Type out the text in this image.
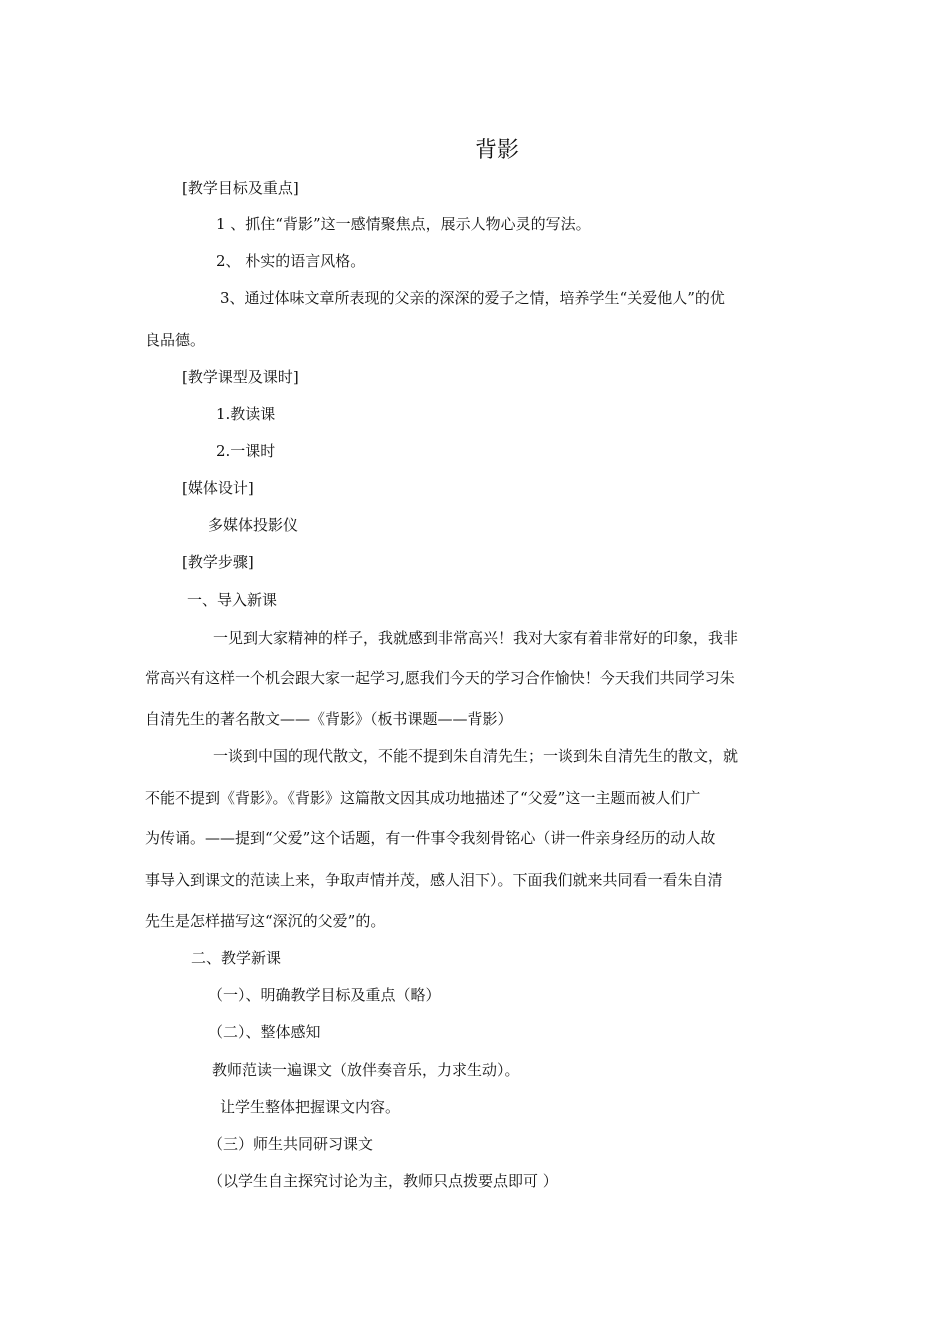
背影
[教学目标及重点]
1 、抓住“背影”这一感情聚焦点，展示人物心灵的写法。
2、 朴实的语言风格。
3、通过体味文章所表现的父亲的深深的爱子之情，培养学生“关爱他人”的优
良品德。
[教学课型及课时]
1.教读课
2.一课时
[媒体设计]
多媒体投影仪
[教学步骤]
一、导入新课
一见到大家精神的样子，我就感到非常高兴！我对大家有着非常好的印象，我非
常高兴有这样一个机会跟大家一起学习,愿我们今天的学习合作愉快！今天我们共同学习朱
自清先生的著名散文——《背影》（板书课题——背影）
一谈到中国的现代散文，不能不提到朱自清先生；一谈到朱自清先生的散文，就
不能不提到《背影》。《背影》这篇散文因其成功地描述了“父爱”这一主题而被人们广
为传诵。——提到“父爱”这个话题，有一件事令我刻骨铭心（讲一件亲身经历的动人故
事导入到课文的范读上来，争取声情并茂，感人泪下）。下面我们就来共同看一看朱自清
先生是怎样描写这“深沉的父爱”的。
二、教学新课
（一）、明确教学目标及重点（略）
（二）、整体感知
教师范读一遍课文（放伴奏音乐，力求生动）。
让学生整体把握课文内容。
（三）师生共同研习课文
（以学生自主探究讨论为主，教师只点拨要点即可 ）
